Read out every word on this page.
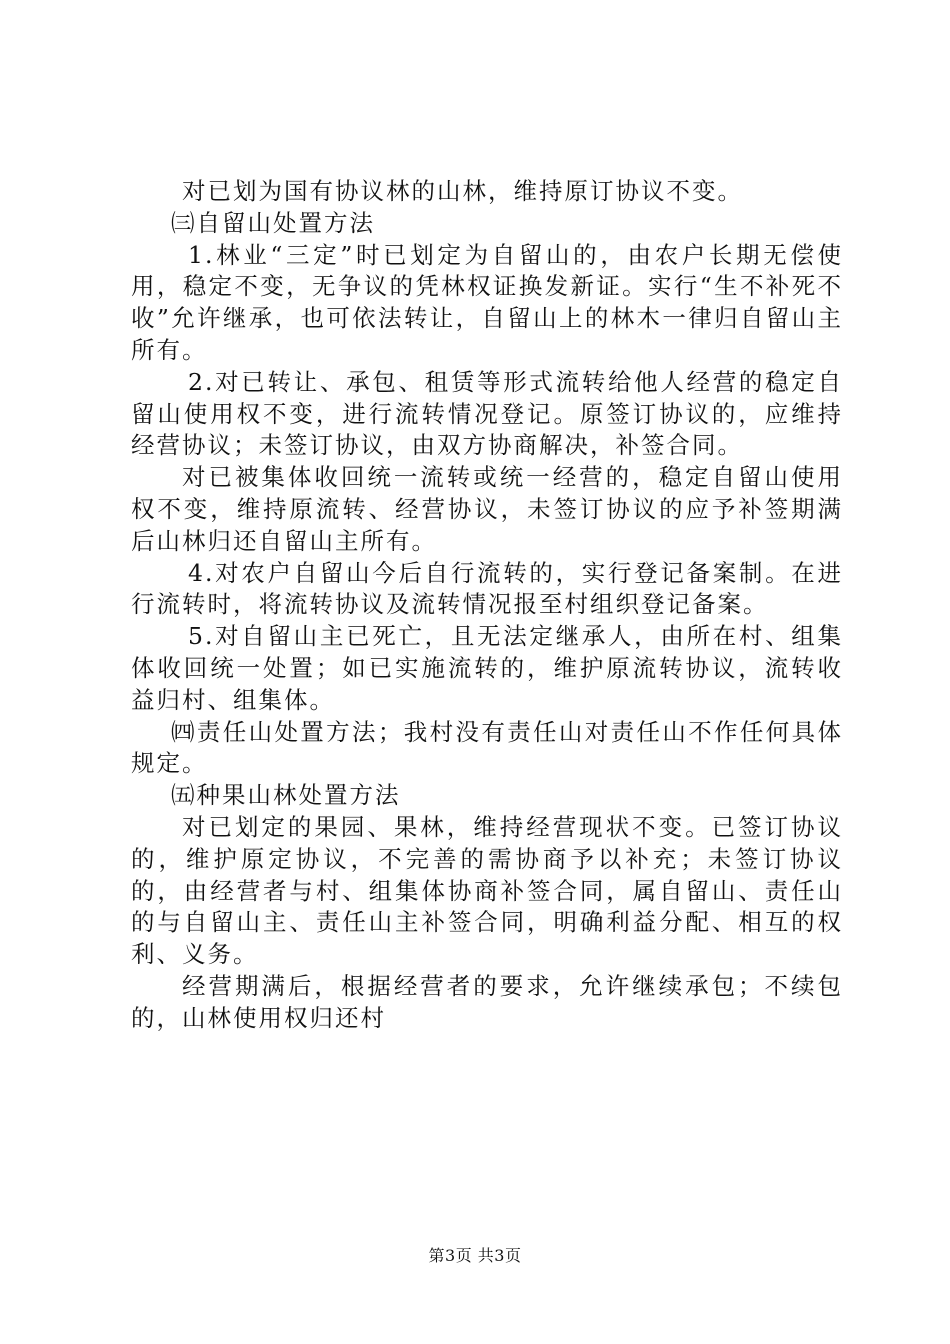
对已划为国有协议林的山林，维持原订协议不变。

㈢自留山处置方法

1.林业“三定”时已划定为自留山的，由农户长期无偿使用，稳定不变，无争议的凭林权证换发新证。实行“生不补死不收”允许继承，也可依法转让，自留山上的林木一律归自留山主所有。

2.对已转让、承包、租赁等形式流转给他人经营的稳定自留山使用权不变，进行流转情况登记。原签订协议的，应维持经营协议；未签订协议，由双方协商解决，补签合同。

对已被集体收回统一流转或统一经营的，稳定自留山使用权不变，维持原流转、经营协议，未签订协议的应予补签期满后山林归还自留山主所有。

4.对农户自留山今后自行流转的，实行登记备案制。在进行流转时，将流转协议及流转情况报至村组织登记备案。

5.对自留山主已死亡，且无法定继承人，由所在村、组集体收回统一处置；如已实施流转的，维护原流转协议，流转收益归村、组集体。

㈣责任山处置方法；我村没有责任山对责任山不作任何具体规定。

㈤种果山林处置方法

对已划定的果园、果林，维持经营现状不变。已签订协议的，维护原定协议，不完善的需协商予以补充；未签订协议的，由经营者与村、组集体协商补签合同，属自留山、责任山的与自留山主、责任山主补签合同，明确利益分配、相互的权利、义务。

经营期满后，根据经营者的要求，允许继续承包；不续包的，山林使用权归还村

第3页 共3页
